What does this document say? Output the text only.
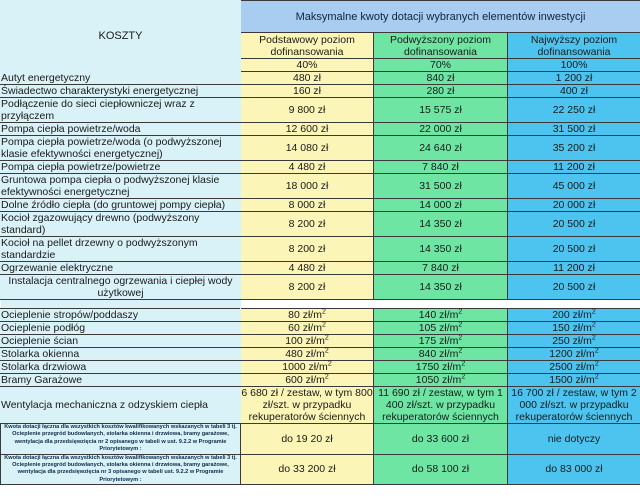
KOSZTY	Maksymalne kwoty dotacji wybranych elementów inwestycji		
	Podstawowy poziom dofinansowania	Podwyższony poziom dofinansowania	Najwyższy poziom dofinansowania
	40%	70%	100%
Autyt energetyczny	480 zł	840 zł	1 200 zł
Świadectwo charakterystyki energetycznej	160 zł	280 zł	400 zł
Podłączenie do sieci ciepłowniczej wraz z przyłączem	9 800 zł	15 575 zł	22 250 zł
Pompa ciepła powietrze/woda	12 600 zł	22 000 zł	31 500 zł
Pompa ciepła powietrze/woda (o podwyższonej klasie efektywności energetycznej)	14 080 zł	24 640 zł	35 200 zł
Pompa ciepła powietrze/powietrze	4 480 zł	7 840 zł	11 200 zł
Gruntowa pompa ciepła o podwyższonej klasie efektywności energetycznej	18 000 zł	31 500 zł	45 000 zł
Dolne źródło ciepła (do gruntowej pompy ciepła)	8 000 zł	14 000 zł	20 000 zł
Kocioł zgazowujący drewno (podwyższony standard)	8 200 zł	14 350 zł	20 500 zł
Kocioł na pellet drzewny o podwyższonym standardzie	8 200 zł	14 350 zł	20 500 zł
Ogrzewanie elektryczne	4 480 zł	7 840 zł	11 200 zł
Instalacja centralnego ogrzewania i ciepłej wody użytkowej	8 200 zł	14 350 zł	20 500 zł

Ocieplenie stropów/poddaszy	80 $zł/m^2$	140 $zł/m^2$	200 $zł/m^2$
Ocieplenie podłóg	60 $zł/m^2$	105 $zł/m^2$	150 $zł/m^2$
Ocieplenie ścian	100 $zł/m^2$	175 $zł/m^2$	250 $zł/m^2$
Stolarka okienna	480 $zł/m^2$	840 $zł/m^2$	1200 $zł/m^2$
Stolarka drzwiowa	1000 $zł/m^2$	1750 $zł/m^2$	2500 $zł/m^2$
Bramy Garażowe	600 $zł/m^2$	1050 $zł/m^2$	1500 $zł/m^2$
Wentylacja mechaniczna z odzyskiem ciepła	6 680 zł / zestaw, w tym 800 zł/szt. w przypadku rekuperatorów ściennych	11 690 zł / zestaw, w tym 1 400 zł/szt. w przypadku rekuperatorów ściennych	16 700 zł / zestaw, w tym 2 000 zł/szt. w przypadku rekuperatorów ściennych
Kwota dotacji łączna dla wszystkich kosztów kwalifikowanych wskazanych w tabeli 3 tj. Ocieplenie przegród budowlanych, stolarka okienna i drzwiowa, bramy garażowe, wentylacja dla przedsięwzięcia nr 2 opisanego w tabeli w ust. 9.2.2 w Programie Priorytetowym :	do 19 20 zł	do 33 600 zł	nie dotyczy
Kwota dotacji łączna dla wszystkich kosztów kwalifikowanych wskazanych w tabeli 3 tj. Ocieplenie przegród budowlanych, stolarka okienna i drzwiowa, bramy garażowe, wentylacja dla przedsięwzięcia nr 3 opisanego w tabeli ust. 9.2.2 w Programie Priorytetowym :	do 33 200 zł	do 58 100 zł	do 83 000 zł
